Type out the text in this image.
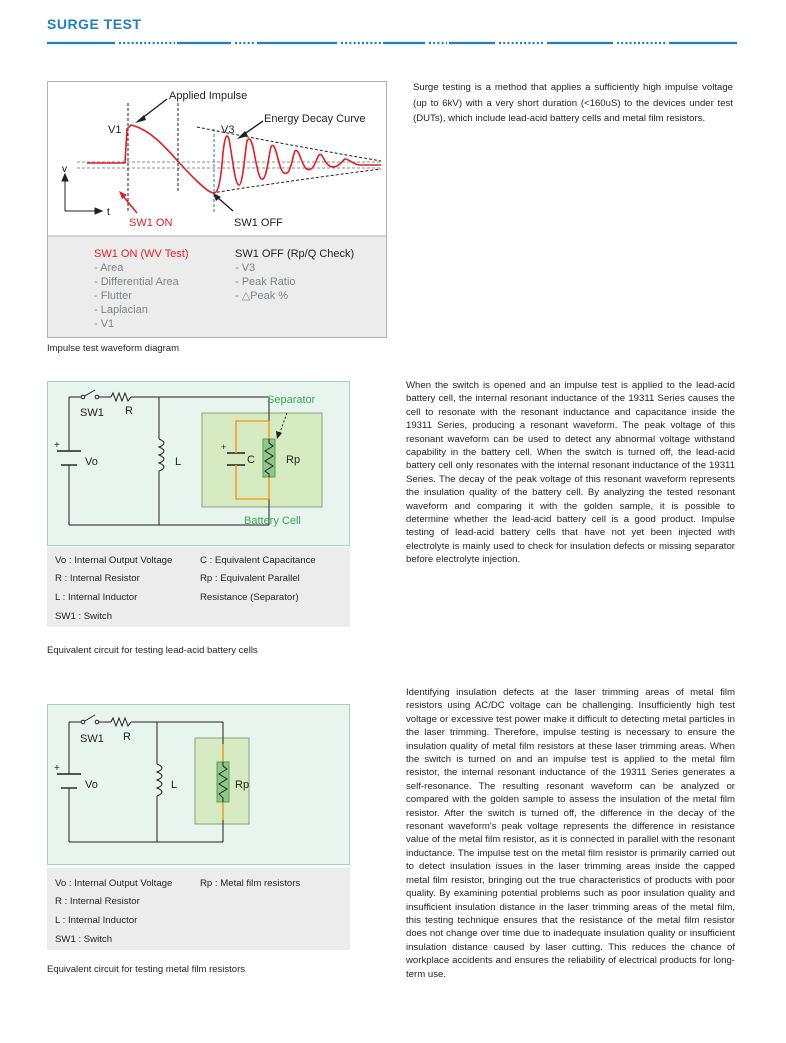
SURGE TEST
v
t
Applied Impulse
V1	V3
Energy Decay Curve
SW1 ON	SW1 OFF
SW1 ON (WV Test)
- Area
- Differential Area
- Flutter
- Laplacian
- V1
SW1 OFF (Rp/Q Check)
- V3
- Peak Ratio
- △Peak %
Impulse test waveform diagram

Surge testing is a method that applies a sufficiently high impulse voltage (up to 6kV) with a very short duration (<160uS) to the devices under test (DUTs), which include lead-acid battery cells and metal film resistors.

+	+
SW1 R
Vo	L	C	Rp
Separator
Battery Cell
Vo : Internal Output Voltage
R : Internal Resistor
L : Internal Inductor
SW1 : Switch
C : Equivalent Capacitance
Rp : Equivalent Parallel
Resistance (Separator)
Equivalent circuit for testing lead-acid battery cells

When the switch is opened and an impulse test is applied to the lead-acid battery cell, the internal resonant inductance of the 19311 Series causes the cell to resonate with the resonant inductance and capacitance inside the 19311 Series, producing a resonant waveform. The peak voltage of this resonant waveform can be used to detect any abnormal voltage withstand capability in the battery cell. When the switch is turned off, the lead-acid battery cell only resonates with the internal resonant inductance of the 19311 Series. The decay of the peak voltage of this resonant waveform represents the insulation quality of the battery cell. By analyzing the tested resonant waveform and comparing it with the golden sample, it is possible to determine whether the lead-acid battery cell is a good product. Impulse testing of lead-acid battery cells that have not yet been injected with electrolyte is mainly used to check for insulation defects or missing separator before electrolyte injection.

+
SW1 R
Vo	L	Rp
Vo : Internal Output Voltage
R : Internal Resistor
L : Internal Inductor
SW1 : Switch
Rp : Metal film resistors
Equivalent circuit for testing metal film resistors

Identifying insulation defects at the laser trimming areas of metal film resistors using AC/DC voltage can be challenging. Insufficiently high test voltage or excessive test power make it difficult to detecting metal particles in the laser trimming. Therefore, impulse testing is necessary to ensure the insulation quality of metal film resistors at these laser trimming areas. When the switch is turned on and an impulse test is applied to the metal film resistor, the internal resonant inductance of the 19311 Series generates a self-resonance. The resulting resonant waveform can be analyzed or compared with the golden sample to assess the insulation of the metal film resistor. After the switch is turned off, the difference in the decay of the resonant waveform's peak voltage represents the difference in resistance value of the metal film resistor, as it is connected in parallel with the resonant inductance. The impulse test on the metal film resistor is primarily carried out to detect insulation issues in the laser trimming areas inside the capped metal film resistor, bringing out the true characteristics of products with poor quality. By examining potential problems such as poor insulation quality and insufficient insulation distance in the laser trimming areas of the metal film, this testing technique ensures that the resistance of the metal film resistor does not change over time due to inadequate insulation quality or insufficient insulation distance caused by laser cutting. This reduces the chance of workplace accidents and ensures the reliability of electrical products for long-term use.
